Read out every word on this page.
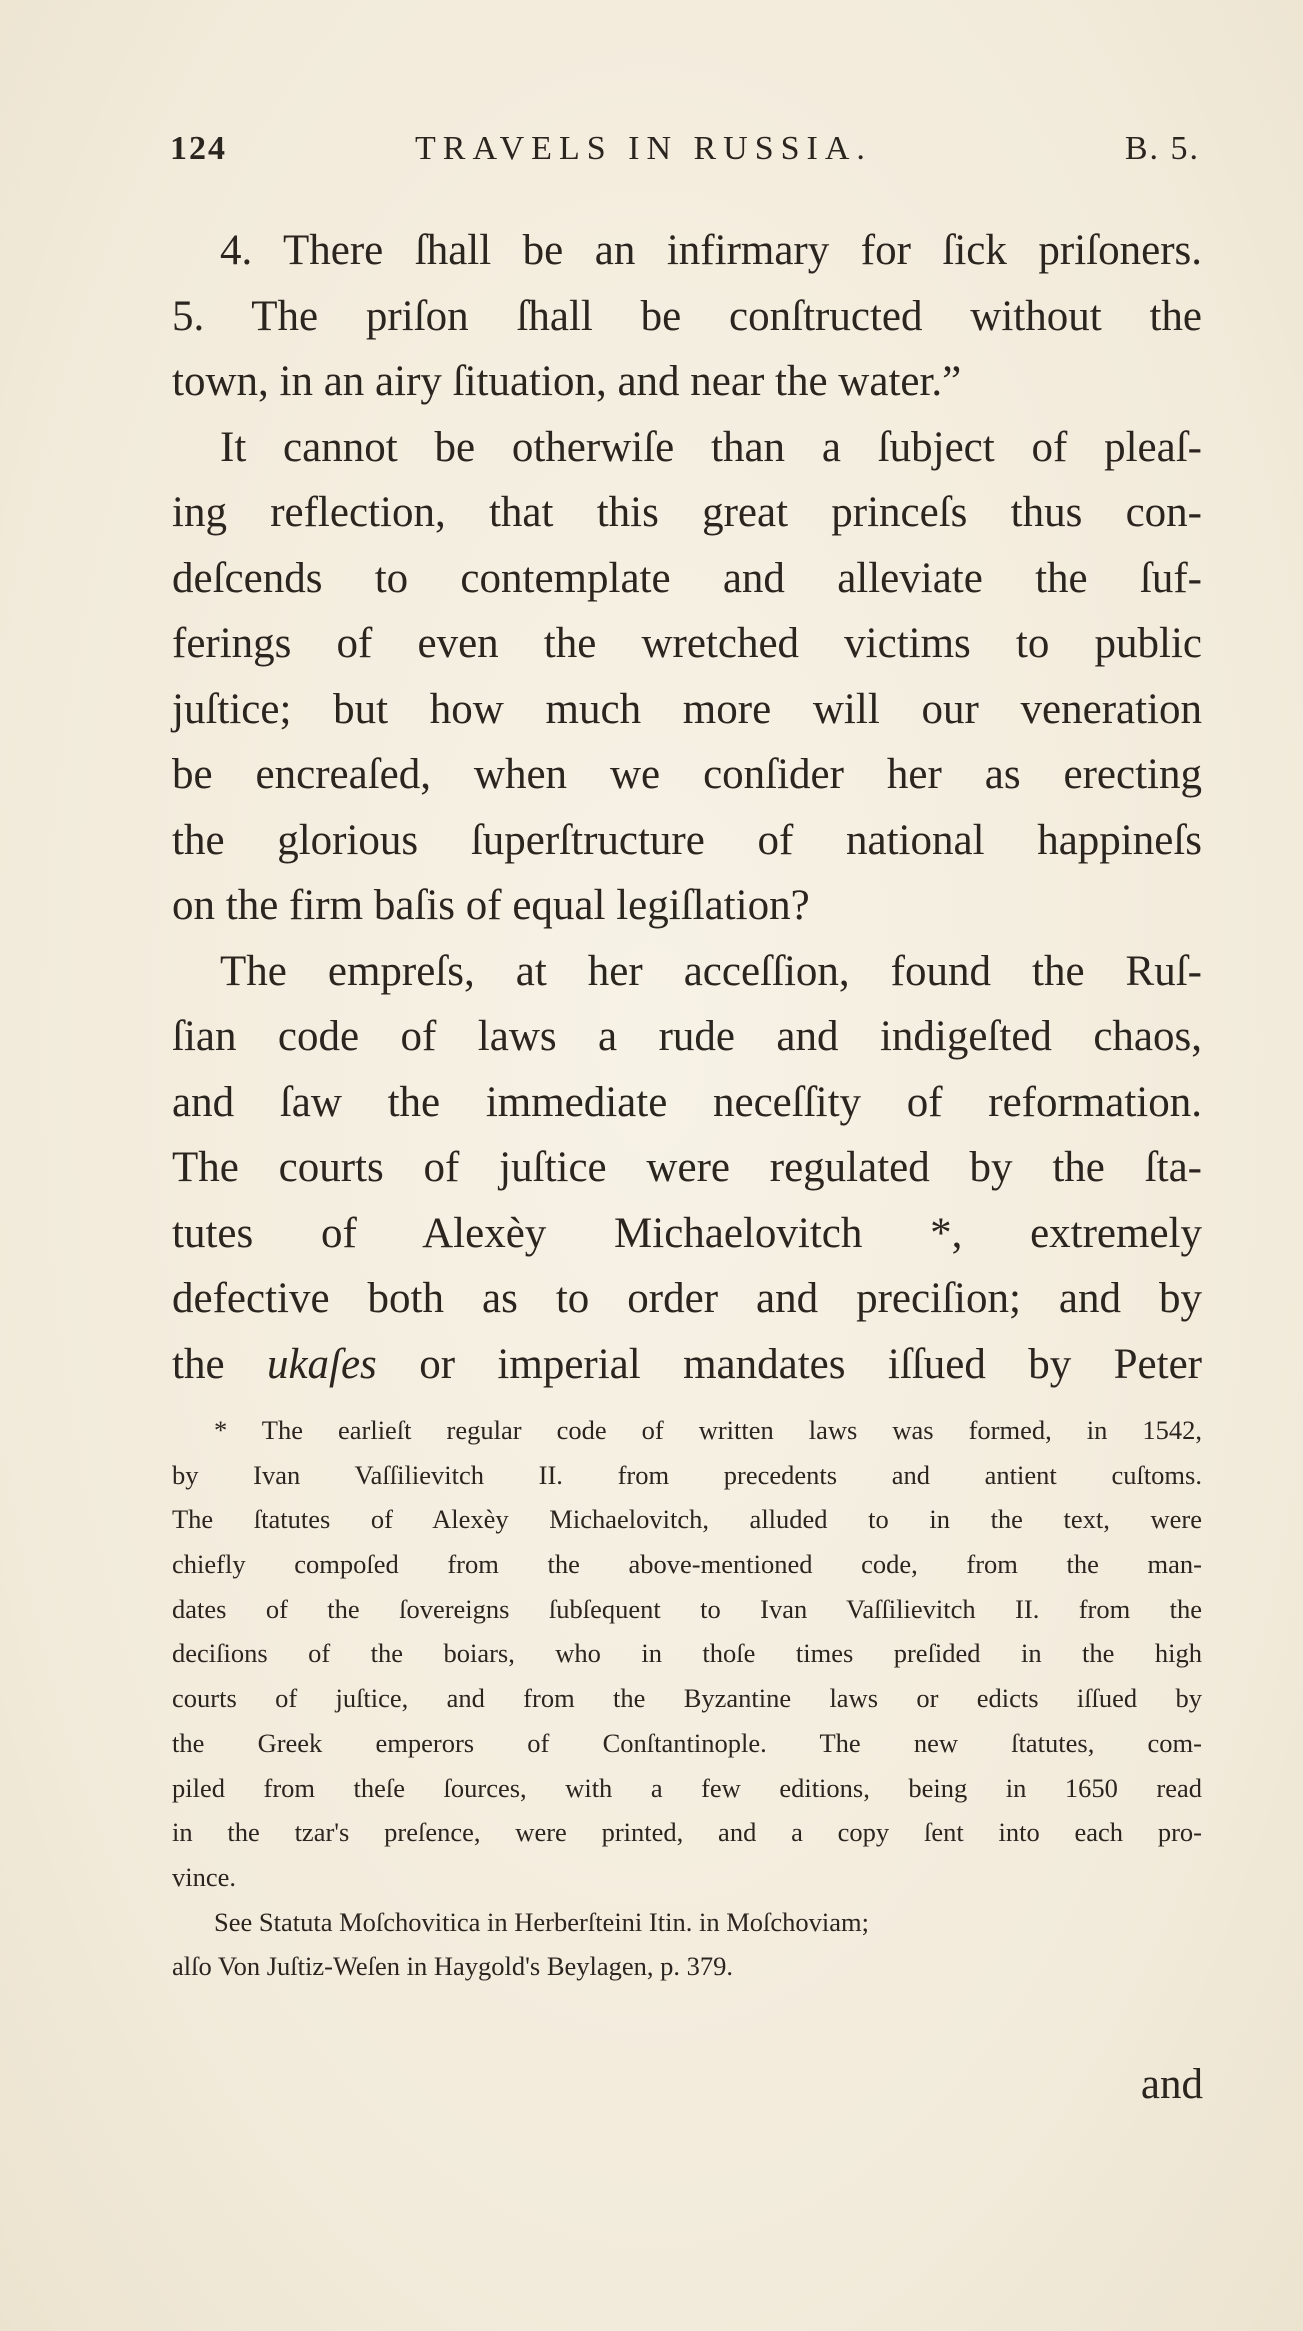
124	TRAVELS IN RUSSIA.	B. 5.
4. There ſhall be an infirmary for ſick priſoners.
5. The priſon ſhall be conſtructed without the
town, in an airy ſituation, and near the water.”
It cannot be otherwiſe than a ſubject of pleaſ-
ing reflection, that this great princeſs thus con-
deſcends to contemplate and alleviate the ſuf-
ferings of even the wretched victims to public
juſtice; but how much more will our veneration
be encreaſed, when we conſider her as erecting
the glorious ſuperſtructure of national happineſs
on the firm baſis of equal legiſlation?
The empreſs, at her acceſſion, found the Ruſ-
ſian code of laws a rude and indigeſted chaos,
and ſaw the immediate neceſſity of reformation.
The courts of juſtice were regulated by the ſta-
tutes of Alexèy Michaelovitch *, extremely
defective both as to order and preciſion; and by
the ukaſes or imperial mandates iſſued by Peter
* The earlieſt regular code of written laws was formed, in 1542,
by Ivan Vaſſilievitch II. from precedents and antient cuſtoms.
The ſtatutes of Alexèy Michaelovitch, alluded to in the text, were
chiefly compoſed from the above-mentioned code, from the man-
dates of the ſovereigns ſubſequent to Ivan Vaſſilievitch II. from the
deciſions of the boiars, who in thoſe times preſided in the high
courts of juſtice, and from the Byzantine laws or edicts iſſued by
the Greek emperors of Conſtantinople. The new ſtatutes, com-
piled from theſe ſources, with a few editions, being in 1650 read
in the tzar's preſence, were printed, and a copy ſent into each pro-
vince.
See Statuta Moſchovitica in Herberſteini Itin. in Moſchoviam;
alſo Von Juſtiz-Weſen in Haygold's Beylagen, p. 379.
and
